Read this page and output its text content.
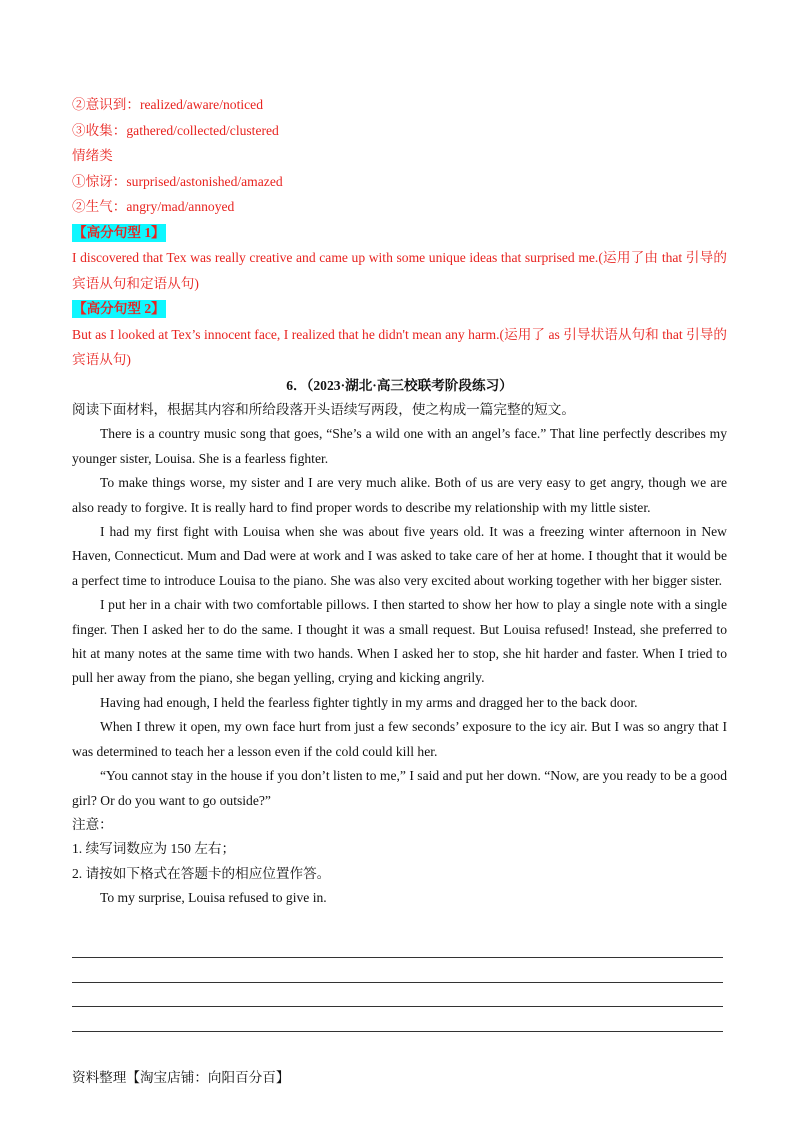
②意识到：realized/aware/noticed
③收集：gathered/collected/clustered
情绪类
①惊讶：surprised/astonished/amazed
②生气：angry/mad/annoyed
【高分句型 1】
I discovered that Tex was really creative and came up with some unique ideas that surprised me.(运用了由 that 引导的宾语从句和定语从句)
【高分句型 2】
But as I looked at Tex’s innocent face, I realized that he didn't mean any harm.(运用了 as 引导状语从句和 that 引导的宾语从句)
6．（2023·湖北·高三校联考阶段练习）
阅读下面材料，根据其内容和所给段落开头语续写两段，使之构成一篇完整的短文。

There is a country music song that goes, “She’s a wild one with an angel’s face.” That line perfectly describes my younger sister, Louisa. She is a fearless fighter.

To make things worse, my sister and I are very much alike. Both of us are very easy to get angry, though we are also ready to forgive. It is really hard to find proper words to describe my relationship with my little sister.

I had my first fight with Louisa when she was about five years old. It was a freezing winter afternoon in New Haven, Connecticut. Mum and Dad were at work and I was asked to take care of her at home. I thought that it would be a perfect time to introduce Louisa to the piano. She was also very excited about working together with her bigger sister.

I put her in a chair with two comfortable pillows. I then started to show her how to play a single note with a single finger. Then I asked her to do the same. I thought it was a small request. But Louisa refused! Instead, she preferred to hit at many notes at the same time with two hands. When I asked her to stop, she hit harder and faster. When I tried to pull her away from the piano, she began yelling, crying and kicking angrily.

Having had enough, I held the fearless fighter tightly in my arms and dragged her to the back door.

When I threw it open, my own face hurt from just a few seconds’ exposure to the icy air. But I was so angry that I was determined to teach her a lesson even if the cold could kill her.

“You cannot stay in the house if you don’t listen to me,” I said and put her down. “Now, are you ready to be a good girl? Or do you want to go outside?”

注意：
1. 续写词数应为 150 左右；
2. 请按如下格式在答题卡的相应位置作答。
To my surprise, Louisa refused to give in.
资料整理【淘宝店铺：向阳百分百】
